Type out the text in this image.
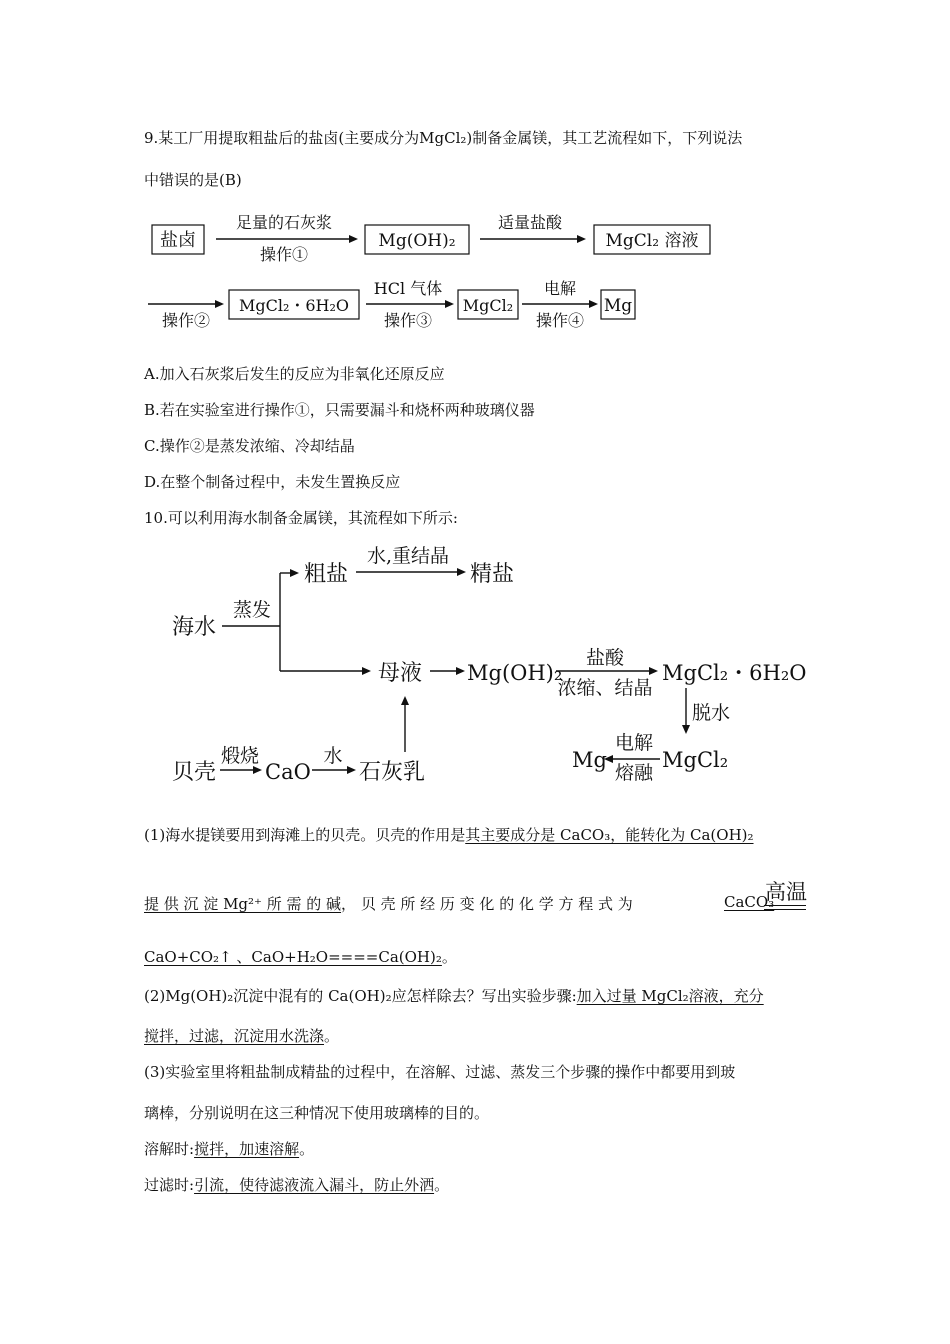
9.某工厂用提取粗盐后的盐卤(主要成分为MgCl₂)制备金属镁，其工艺流程如下，下列说法
中错误的是(B)
盐卤
足量的石灰浆
操作①
Mg(OH)₂
适量盐酸
MgCl₂ 溶液
操作②
MgCl₂・6H₂O
HCl 气体
操作③
MgCl₂
电解
操作④
Mg
A.加入石灰浆后发生的反应为非氧化还原反应
B.若在实验室进行操作①，只需要漏斗和烧杯两种玻璃仪器
C.操作②是蒸发浓缩、冷却结晶
D.在整个制备过程中，未发生置换反应
10.可以利用海水制备金属镁，其流程如下所示:
海水
蒸发
粗盐
水,重结晶
精盐
母液 Mg(OH)₂
盐酸
浓缩、结晶
MgCl₂・6H₂O
脱水
MgCl₂
电解
熔融
Mg
贝壳
煅烧
CaO
水
石灰乳
(1)海水提镁要用到海滩上的贝壳。贝壳的作用是其主要成分是 CaCO₃，能转化为 Ca(OH)₂
提 供 沉 淀 Mg²⁺ 所 需 的 碱， 贝 壳 所 经 历 变 化 的 化 学 方 程 式 为	CaCO₃
高温
CaO+CO₂↑ 、CaO+H₂O====Ca(OH)₂。
(2)Mg(OH)₂沉淀中混有的 Ca(OH)₂应怎样除去？写出实验步骤:加入过量 MgCl₂溶液，充分
搅拌，过滤，沉淀用水洗涤。
(3)实验室里将粗盐制成精盐的过程中，在溶解、过滤、蒸发三个步骤的操作中都要用到玻
璃棒，分别说明在这三种情况下使用玻璃棒的目的。
溶解时:搅拌，加速溶解。
过滤时:引流，使待滤液流入漏斗，防止外洒。
